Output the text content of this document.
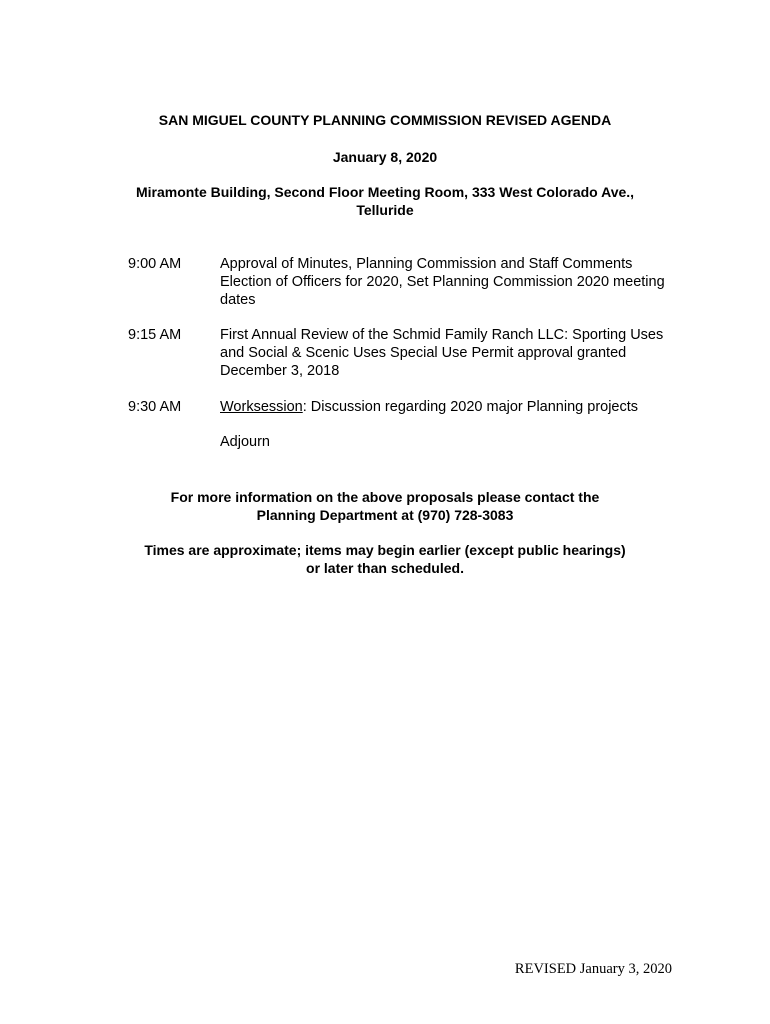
SAN MIGUEL COUNTY PLANNING COMMISSION REVISED AGENDA
January 8, 2020
Miramonte Building, Second Floor Meeting Room, 333 West Colorado Ave.,
Telluride
9:00 AM	Approval of Minutes, Planning Commission and Staff Comments
Election of Officers for 2020, Set Planning Commission 2020 meeting
dates
9:15 AM	First Annual Review of the Schmid Family Ranch LLC: Sporting Uses
and Social & Scenic Uses Special Use Permit approval granted
December 3, 2018
9:30 AM	Worksession: Discussion regarding 2020 major Planning projects
Adjourn
For more information on the above proposals please contact the
Planning Department at (970) 728-3083
Times are approximate; items may begin earlier (except public hearings)
or later than scheduled.
REVISED January 3, 2020
